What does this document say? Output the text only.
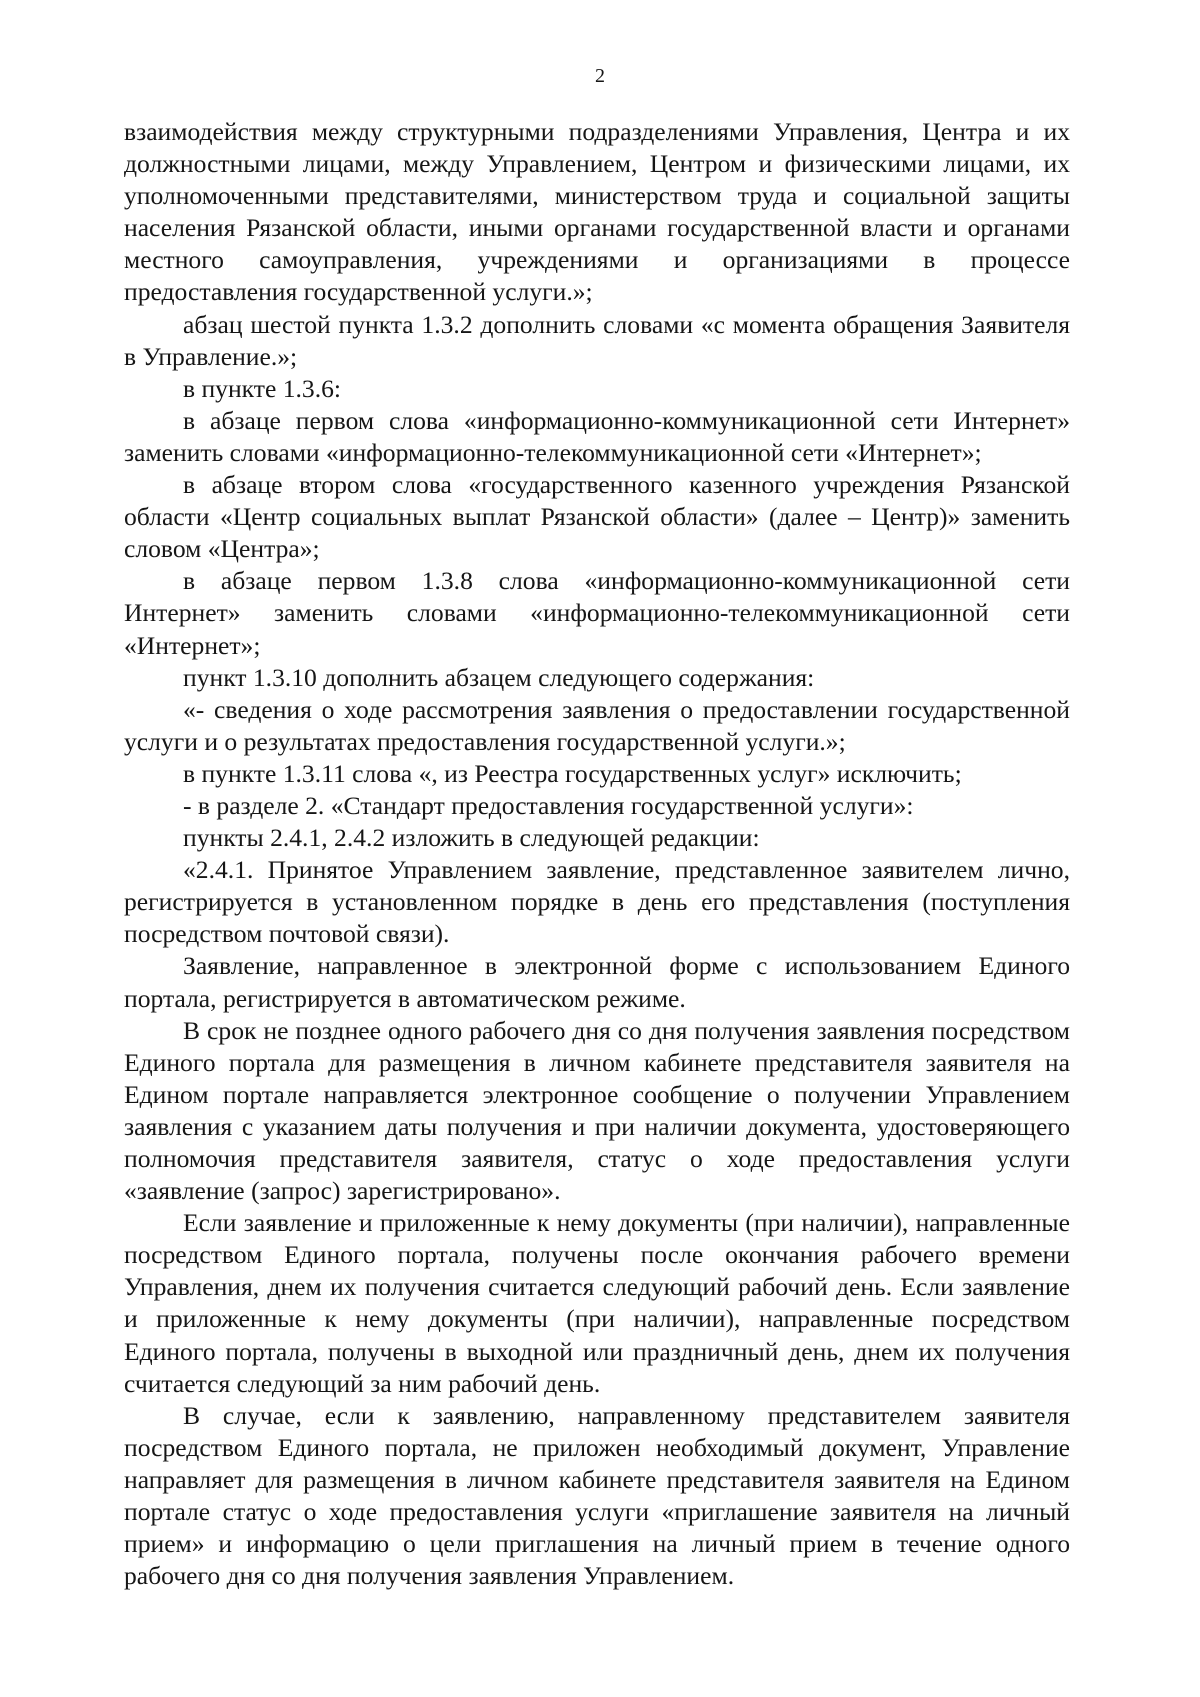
2

взаимодействия между структурными подразделениями Управления, Центра и их должностными лицами, между Управлением, Центром и физическими лицами, их уполномоченными представителями, министерством труда и социальной защиты населения Рязанской области, иными органами государственной власти и органами местного самоуправления, учреждениями и организациями в процессе предоставления государственной услуги.»;

абзац шестой пункта 1.3.2 дополнить словами «с момента обращения Заявителя в Управление.»;

в пункте 1.3.6:

в абзаце первом слова «информационно-коммуникационной сети Интернет» заменить словами «информационно-телекоммуникационной сети «Интернет»;

в абзаце втором слова «государственного казенного учреждения Рязанской области «Центр социальных выплат Рязанской области» (далее – Центр)» заменить словом «Центра»;

в абзаце первом 1.3.8 слова «информационно-коммуникационной сети Интернет» заменить словами «информационно-телекоммуникационной сети «Интернет»;

пункт 1.3.10 дополнить абзацем следующего содержания:

«- сведения о ходе рассмотрения заявления о предоставлении государственной услуги и о результатах предоставления государственной услуги.»;

в пункте 1.3.11 слова «, из Реестра государственных услуг» исключить;

- в разделе 2. «Стандарт предоставления государственной услуги»:

пункты 2.4.1, 2.4.2 изложить в следующей редакции:

«2.4.1. Принятое Управлением заявление, представленное заявителем лично, регистрируется в установленном порядке в день его представления (поступления посредством почтовой связи).

Заявление, направленное в электронной форме с использованием Единого портала, регистрируется в автоматическом режиме.

В срок не позднее одного рабочего дня со дня получения заявления посредством Единого портала для размещения в личном кабинете представителя заявителя на Едином портале направляется электронное сообщение о получении Управлением заявления с указанием даты получения и при наличии документа, удостоверяющего полномочия представителя заявителя, статус о ходе предоставления услуги «заявление (запрос) зарегистрировано».

Если заявление и приложенные к нему документы (при наличии), направленные посредством Единого портала, получены после окончания рабочего времени Управления, днем их получения считается следующий рабочий день. Если заявление и приложенные к нему документы (при наличии), направленные посредством Единого портала, получены в выходной или праздничный день, днем их получения считается следующий за ним рабочий день.

В случае, если к заявлению, направленному представителем заявителя посредством Единого портала, не приложен необходимый документ, Управление направляет для размещения в личном кабинете представителя заявителя на Едином портале статус о ходе предоставления услуги «приглашение заявителя на личный прием» и информацию о цели приглашения на личный прием в течение одного рабочего дня со дня получения заявления Управлением.
